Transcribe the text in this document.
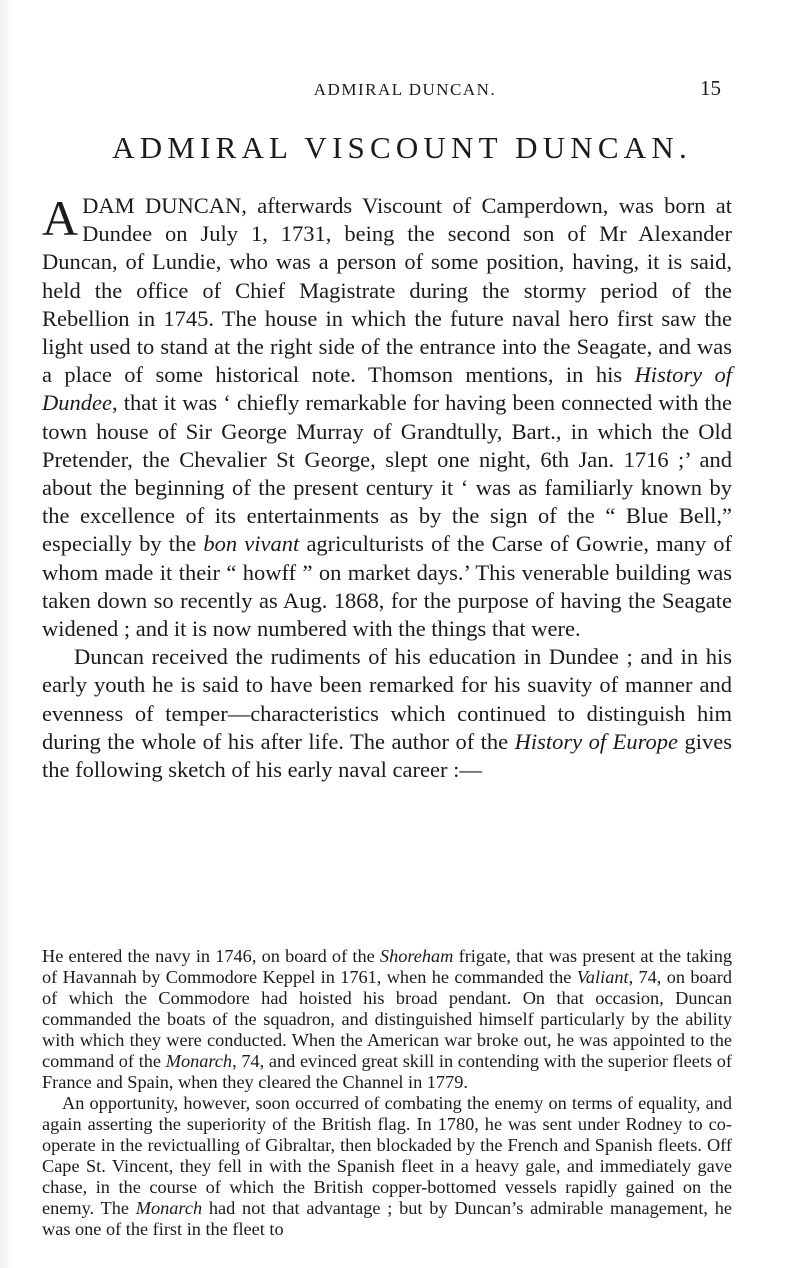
ADMIRAL DUNCAN.	15
ADMIRAL VISCOUNT DUNCAN.

ADAM DUNCAN, afterwards Viscount of Camperdown, was born at Dundee on July 1, 1731, being the second son of Mr Alexander Duncan, of Lundie, who was a person of some position, having, it is said, held the office of Chief Magistrate during the stormy period of the Rebellion in 1745. The house in which the future naval hero first saw the light used to stand at the right side of the entrance into the Seagate, and was a place of some historical note. Thomson mentions, in his History of Dundee, that it was ‘ chiefly remarkable for having been connected with the town house of Sir George Murray of Grandtully, Bart., in which the Old Pretender, the Chevalier St George, slept one night, 6th Jan. 1716 ;’ and about the beginning of the present century it ‘ was as familiarly known by the excellence of its entertainments as by the sign of the “ Blue Bell,” especially by the bon vivant agriculturists of the Carse of Gowrie, many of whom made it their “ howff ” on market days.’ This venerable building was taken down so recently as Aug. 1868, for the purpose of having the Seagate widened ; and it is now numbered with the things that were.

Duncan received the rudiments of his education in Dundee ; and in his early youth he is said to have been remarked for his suavity of manner and evenness of temper—characteristics which continued to distinguish him during the whole of his after life. The author of the History of Europe gives the following sketch of his early naval career :—

He entered the navy in 1746, on board of the Shoreham frigate, that was present at the taking of Havannah by Commodore Keppel in 1761, when he commanded the Valiant, 74, on board of which the Commodore had hoisted his broad pendant. On that occasion, Duncan commanded the boats of the squadron, and distinguished himself particularly by the ability with which they were conducted. When the American war broke out, he was appointed to the command of the Monarch, 74, and evinced great skill in contending with the superior fleets of France and Spain, when they cleared the Channel in 1779.

An opportunity, however, soon occurred of combating the enemy on terms of equality, and again asserting the superiority of the British flag. In 1780, he was sent under Rodney to co-operate in the revictualling of Gibraltar, then blockaded by the French and Spanish fleets. Off Cape St. Vincent, they fell in with the Spanish fleet in a heavy gale, and immediately gave chase, in the course of which the British copper-bottomed vessels rapidly gained on the enemy. The Monarch had not that advantage ; but by Duncan’s admirable management, he was one of the first in the fleet to
